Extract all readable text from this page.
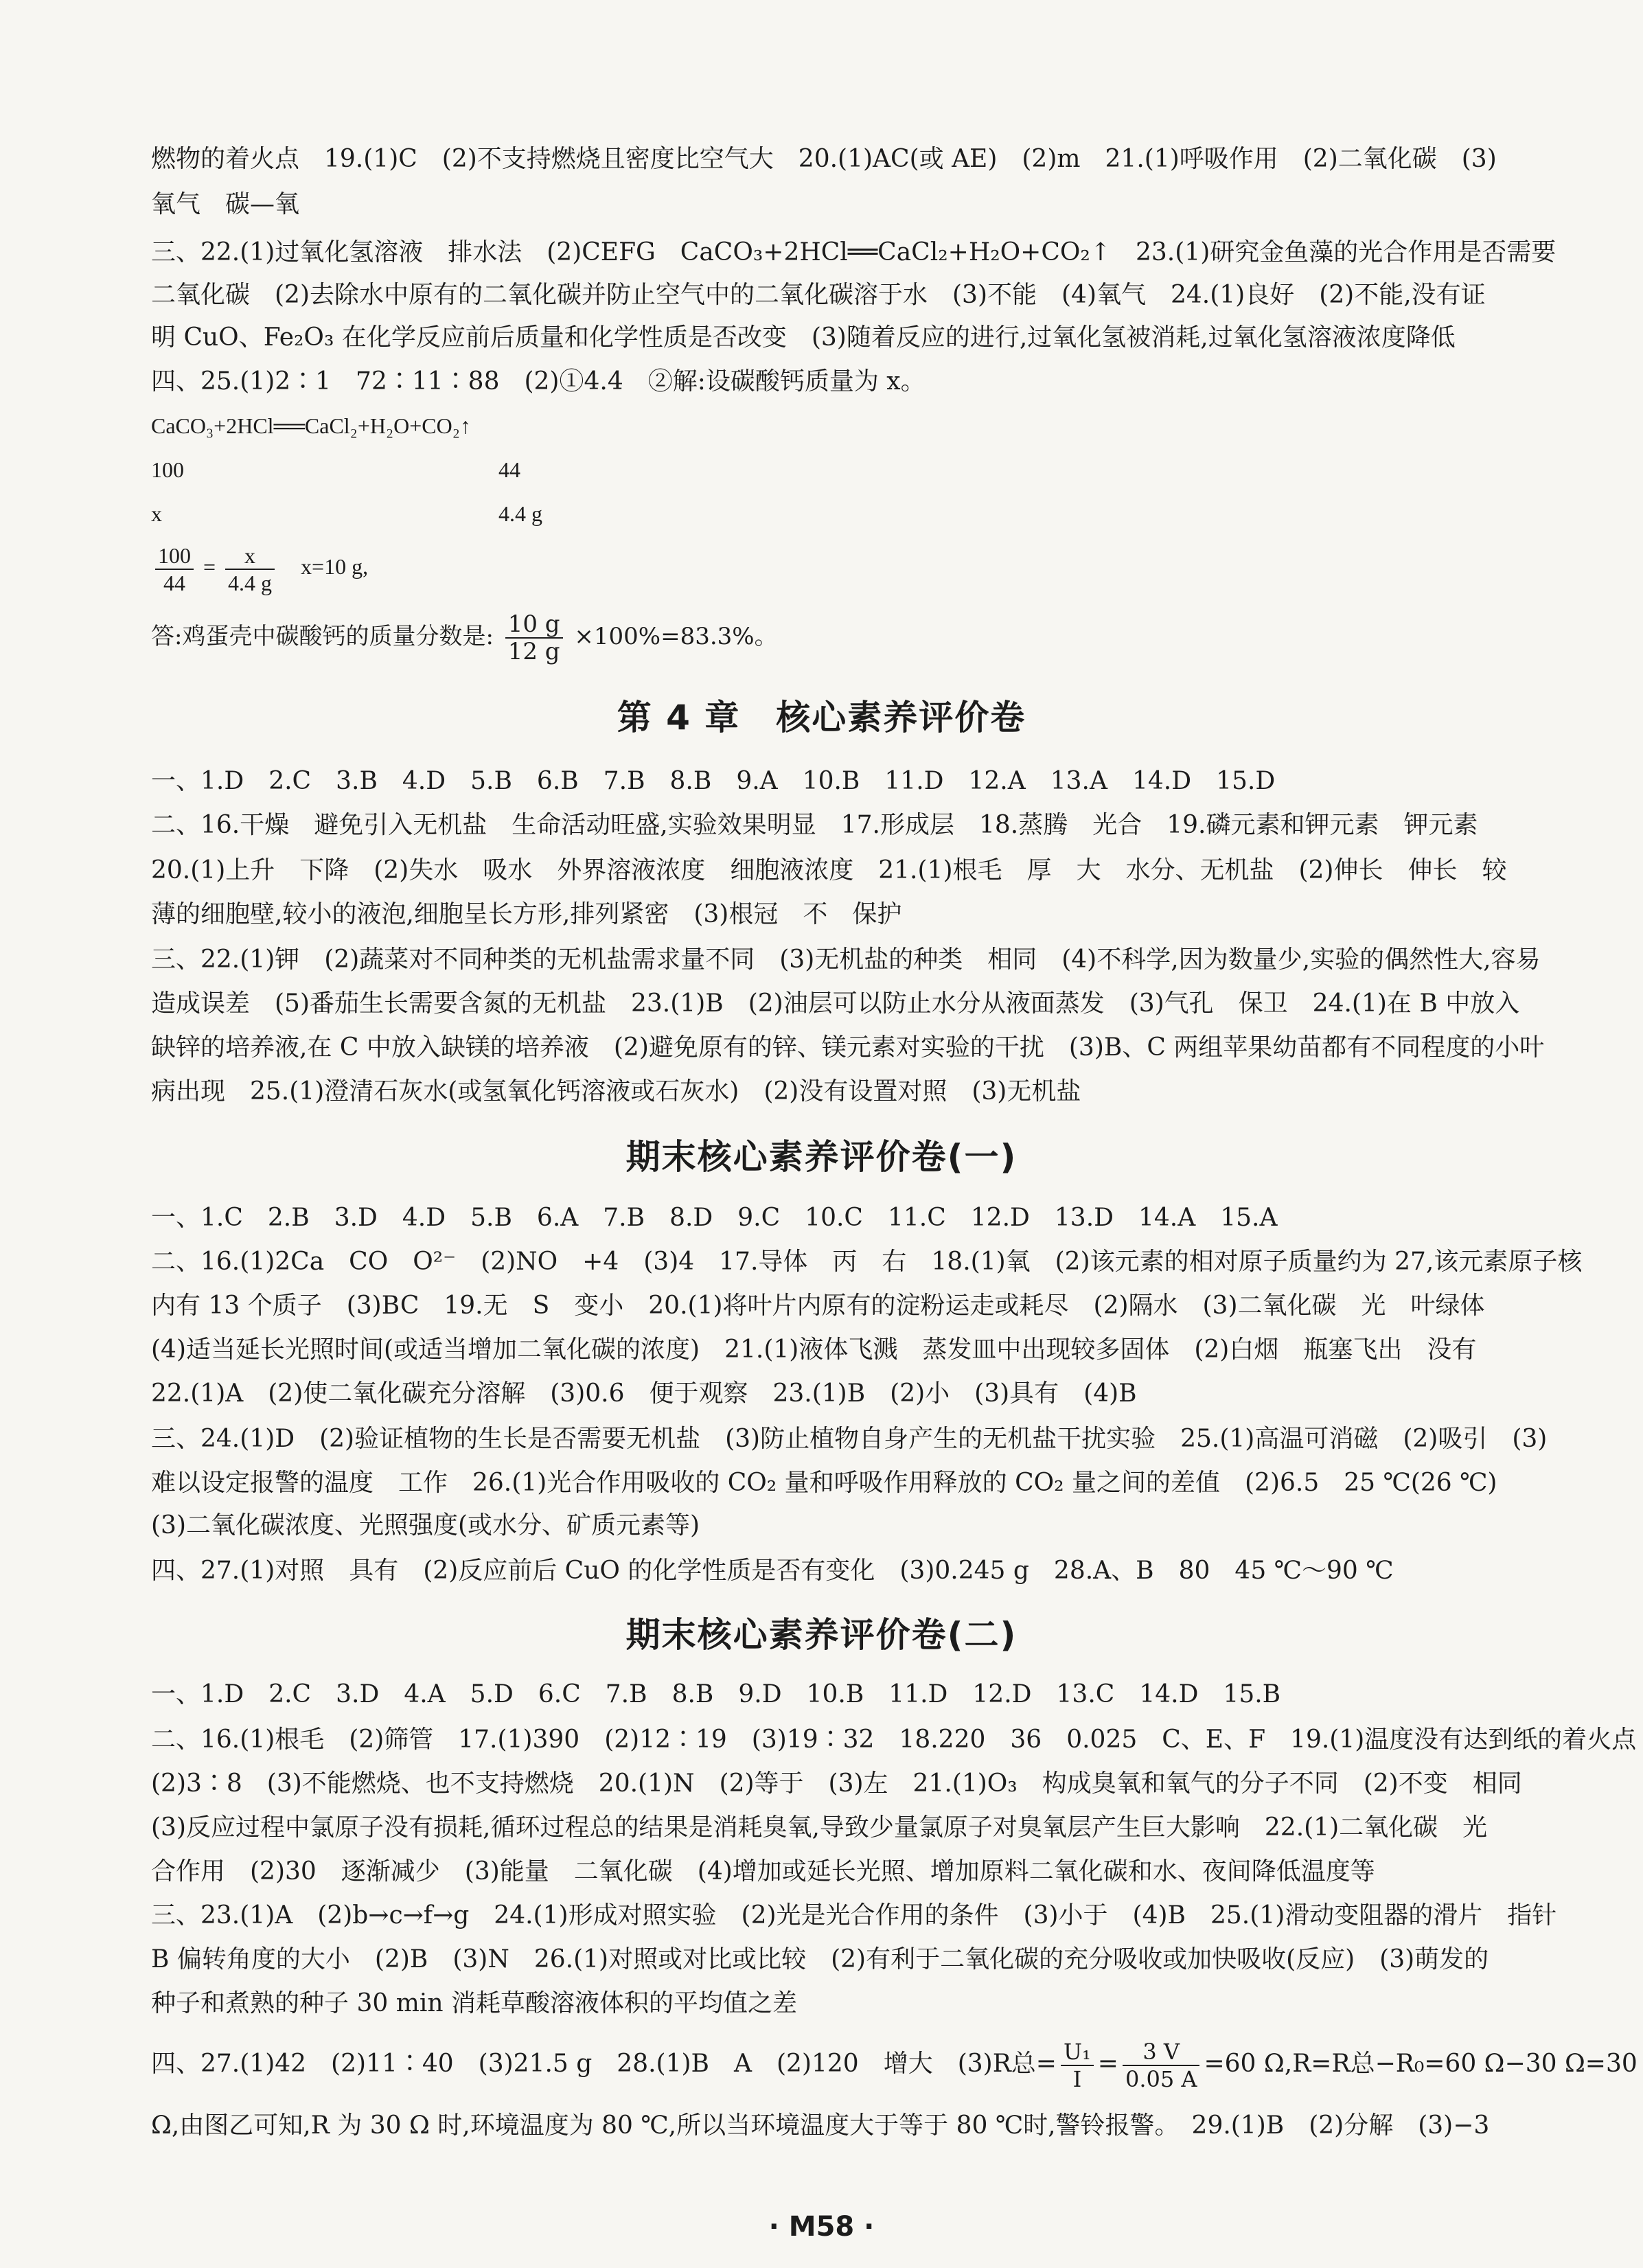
燃物的着火点　19.(1)C　(2)不支持燃烧且密度比空气大　20.(1)AC(或 AE)　(2)m　21.(1)呼吸作用　(2)二氧化碳　(3)
氧气　碳—氧
三、22.(1)过氧化氢溶液　排水法　(2)CEFG　CaCO₃+2HCl══CaCl₂+H₂O+CO₂↑　23.(1)研究金鱼藻的光合作用是否需要
二氧化碳　(2)去除水中原有的二氧化碳并防止空气中的二氧化碳溶于水　(3)不能　(4)氧气　24.(1)良好　(2)不能,没有证
明 CuO、Fe₂O₃ 在化学反应前后质量和化学性质是否改变　(3)随着反应的进行,过氧化氢被消耗,过氧化氢溶液浓度降低
四、25.(1)2∶1　72∶11∶88　(2)①4.4　②解:设碳酸钙质量为 x。
CaCO₃+2HCl══CaCl₂+H₂O+CO₂↑
100	44
x	4.4 g
$\frac{100}{44} = \frac{x}{4.4 g} x=10$ g,
答:鸡蛋壳中碳酸钙的质量分数是: $\frac{10 g}{12 g} \times 100\%=83.3\%$。
第 4 章　核心素养评价卷
一、1.D　2.C　3.B　4.D　5.B　6.B　7.B　8.B　9.A　10.B　11.D　12.A　13.A　14.D　15.D
二、16.干燥　避免引入无机盐　生命活动旺盛,实验效果明显　17.形成层　18.蒸腾　光合　19.磷元素和钾元素　钾元素
20.(1)上升　下降　(2)失水　吸水　外界溶液浓度　细胞液浓度　21.(1)根毛　厚　大　水分、无机盐　(2)伸长　伸长　较
薄的细胞壁,较小的液泡,细胞呈长方形,排列紧密　(3)根冠　不　保护
三、22.(1)钾　(2)蔬菜对不同种类的无机盐需求量不同　(3)无机盐的种类　相同　(4)不科学,因为数量少,实验的偶然性大,容易
造成误差　(5)番茄生长需要含氮的无机盐　23.(1)B　(2)油层可以防止水分从液面蒸发　(3)气孔　保卫　24.(1)在 B 中放入
缺锌的培养液,在 C 中放入缺镁的培养液　(2)避免原有的锌、镁元素对实验的干扰　(3)B、C 两组苹果幼苗都有不同程度的小叶
病出现　25.(1)澄清石灰水(或氢氧化钙溶液或石灰水)　(2)没有设置对照　(3)无机盐
期末核心素养评价卷(一)
一、1.C　2.B　3.D　4.D　5.B　6.A　7.B　8.D　9.C　10.C　11.C　12.D　13.D　14.A　15.A
二、16.(1)2Ca　CO　O²⁻　(2)NO　+4　(3)4　17.导体　丙　右　18.(1)氧　(2)该元素的相对原子质量约为 27,该元素原子核
内有 13 个质子　(3)BC　19.无　S　变小　20.(1)将叶片内原有的淀粉运走或耗尽　(2)隔水　(3)二氧化碳　光　叶绿体
(4)适当延长光照时间(或适当增加二氧化碳的浓度)　21.(1)液体飞溅　蒸发皿中出现较多固体　(2)白烟　瓶塞飞出　没有
22.(1)A　(2)使二氧化碳充分溶解　(3)0.6　便于观察　23.(1)B　(2)小　(3)具有　(4)B
三、24.(1)D　(2)验证植物的生长是否需要无机盐　(3)防止植物自身产生的无机盐干扰实验　25.(1)高温可消磁　(2)吸引　(3)
难以设定报警的温度　工作　26.(1)光合作用吸收的 CO₂ 量和呼吸作用释放的 CO₂ 量之间的差值　(2)6.5　25 ℃(26 ℃)
(3)二氧化碳浓度、光照强度(或水分、矿质元素等)
四、27.(1)对照　具有　(2)反应前后 CuO 的化学性质是否有变化　(3)0.245 g　28.A、B　80　45 ℃～90 ℃
期末核心素养评价卷(二)
一、1.D　2.C　3.D　4.A　5.D　6.C　7.B　8.B　9.D　10.B　11.D　12.D　13.C　14.D　15.B
二、16.(1)根毛　(2)筛管　17.(1)390　(2)12∶19　(3)19∶32　18.220　36　0.025　C、E、F　19.(1)温度没有达到纸的着火点
(2)3∶8　(3)不能燃烧、也不支持燃烧　20.(1)N　(2)等于　(3)左　21.(1)O₃　构成臭氧和氧气的分子不同　(2)不变　相同
(3)反应过程中氯原子没有损耗,循环过程总的结果是消耗臭氧,导致少量氯原子对臭氧层产生巨大影响　22.(1)二氧化碳　光
合作用　(2)30　逐渐减少　(3)能量　二氧化碳　(4)增加或延长光照、增加原料二氧化碳和水、夜间降低温度等
三、23.(1)A　(2)b→c→f→g　24.(1)形成对照实验　(2)光是光合作用的条件　(3)小于　(4)B　25.(1)滑动变阻器的滑片　指针
B 偏转角度的大小　(2)B　(3)N　26.(1)对照或对比或比较　(2)有利于二氧化碳的充分吸收或加快吸收(反应)　(3)萌发的
种子和煮熟的种子 30 min 消耗草酸溶液体积的平均值之差
四、27.(1)42　(2)11∶40　(3)21.5 g　28.(1)B　A　(2)120　增大　(3)R总= $\frac{\text{U₁}}{I} = \frac{3 V}{0.05 A} =60$ Ω,R=R总−R₀=60 Ω−30 Ω=30
Ω,由图乙可知,R 为 30 Ω 时,环境温度为 80 ℃,所以当环境温度大于等于 80 ℃时,警铃报警。　29.(1)B　(2)分解　(3)−3
· M58 ·
